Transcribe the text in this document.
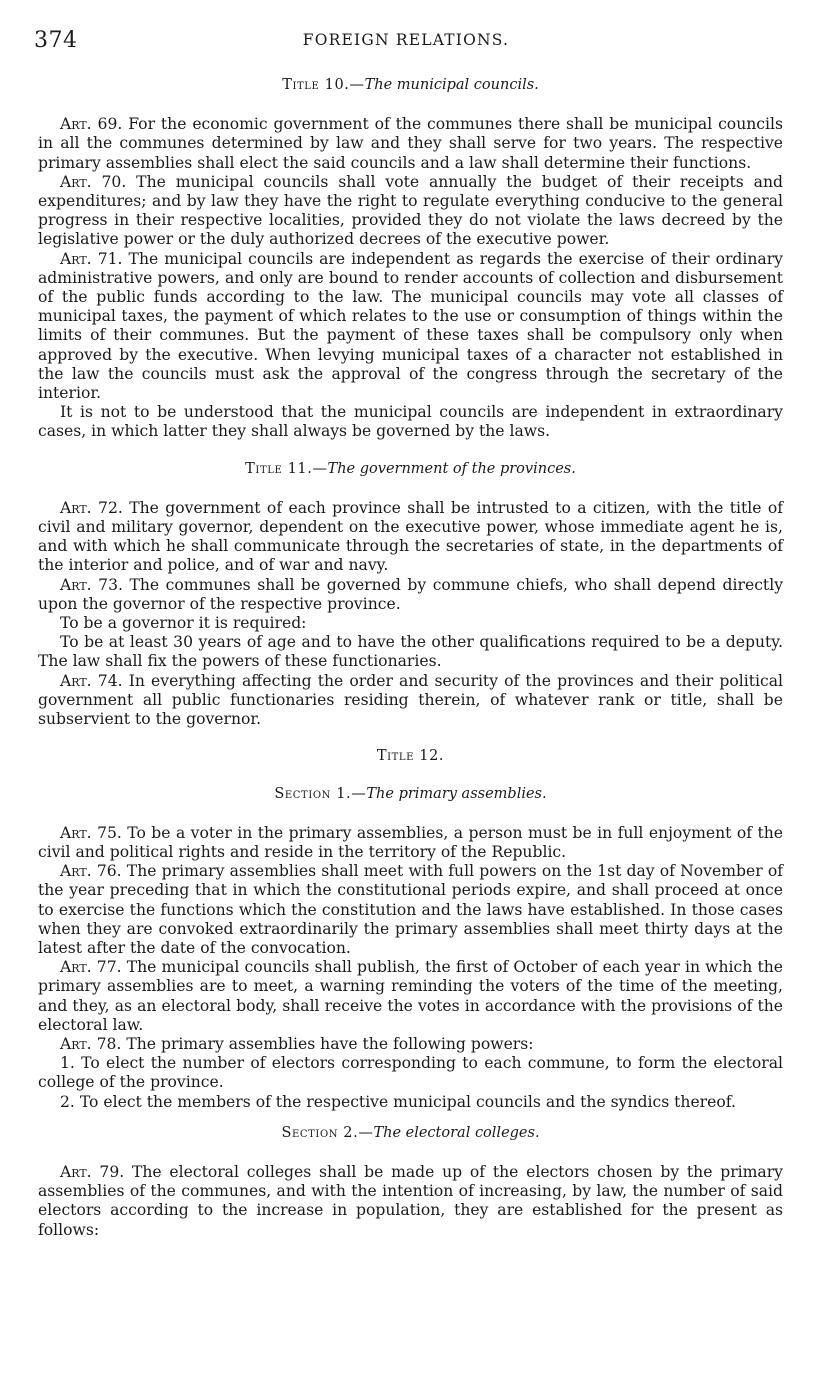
374	FOREIGN RELATIONS.
Title 10.—The municipal councils.

Art. 69. For the economic government of the communes there shall be municipal councils in all the communes determined by law and they shall serve for two years. The respective primary assemblies shall elect the said councils and a law shall determine their functions.

Art. 70. The municipal councils shall vote annually the budget of their receipts and expenditures; and by law they have the right to regulate everything conducive to the general progress in their respective localities, provided they do not violate the laws decreed by the legislative power or the duly authorized decrees of the executive power.

Art. 71. The municipal councils are independent as regards the exercise of their ordinary administrative powers, and only are bound to render accounts of collection and disbursement of the public funds according to the law. The municipal councils may vote all classes of municipal taxes, the payment of which relates to the use or consumption of things within the limits of their communes. But the payment of these taxes shall be compulsory only when approved by the executive. When levying municipal taxes of a character not established in the law the councils must ask the approval of the congress through the secretary of the interior.

It is not to be understood that the municipal councils are independent in extraordinary cases, in which latter they shall always be governed by the laws.

Title 11.—The government of the provinces.

Art. 72. The government of each province shall be intrusted to a citizen, with the title of civil and military governor, dependent on the executive power, whose immediate agent he is, and with which he shall communicate through the secretaries of state, in the departments of the interior and police, and of war and navy.

Art. 73. The communes shall be governed by commune chiefs, who shall depend directly upon the governor of the respective province.

To be a governor it is required:

To be at least 30 years of age and to have the other qualifications required to be a deputy. The law shall fix the powers of these functionaries.

Art. 74. In everything affecting the order and security of the provinces and their political government all public functionaries residing therein, of whatever rank or title, shall be subservient to the governor.

Title 12.
Section 1.—The primary assemblies.

Art. 75. To be a voter in the primary assemblies, a person must be in full enjoyment of the civil and political rights and reside in the territory of the Republic.

Art. 76. The primary assemblies shall meet with full powers on the 1st day of November of the year preceding that in which the constitutional periods expire, and shall proceed at once to exercise the functions which the constitution and the laws have established. In those cases when they are convoked extraordinarily the primary assemblies shall meet thirty days at the latest after the date of the convocation.

Art. 77. The municipal councils shall publish, the first of October of each year in which the primary assemblies are to meet, a warning reminding the voters of the time of the meeting, and they, as an electoral body, shall receive the votes in accordance with the provisions of the electoral law.

Art. 78. The primary assemblies have the following powers:

1. To elect the number of electors corresponding to each commune, to form the electoral college of the province.

2. To elect the members of the respective municipal councils and the syndics thereof.

Section 2.—The electoral colleges.

Art. 79. The electoral colleges shall be made up of the electors chosen by the primary assemblies of the communes, and with the intention of increasing, by law, the number of said electors according to the increase in population, they are established for the present as follows:
